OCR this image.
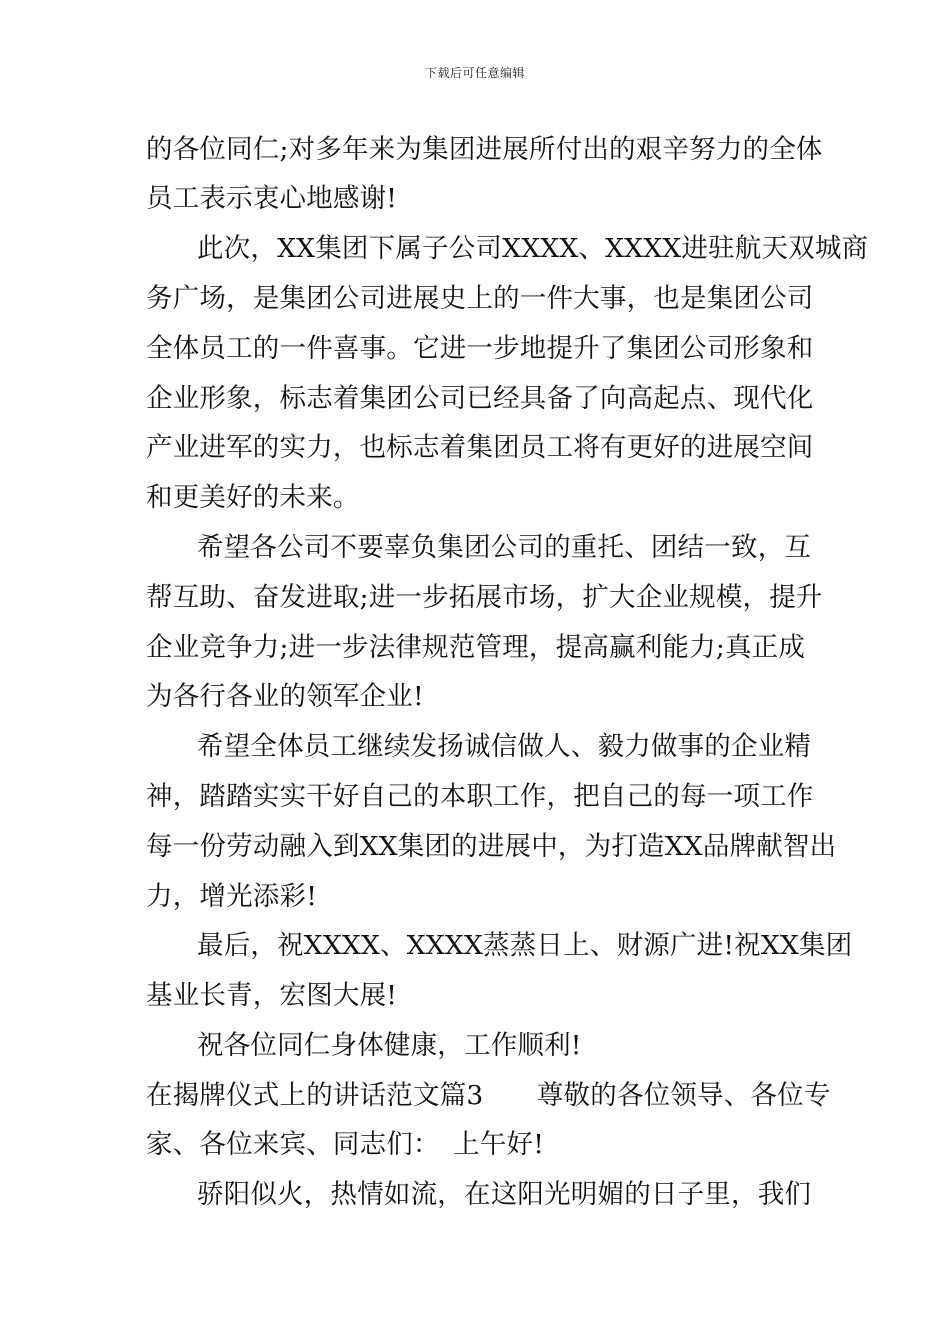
下载后可任意编辑
的各位同仁;对多年来为集团进展所付出的艰辛努力的全体
员工表示衷心地感谢!
此次，XX集团下属子公司XXXX、XXXX进驻航天双城商
务广场，是集团公司进展史上的一件大事，也是集团公司
全体员工的一件喜事。它进一步地提升了集团公司形象和
企业形象，标志着集团公司已经具备了向高起点、现代化
产业进军的实力，也标志着集团员工将有更好的进展空间
和更美好的未来。
希望各公司不要辜负集团公司的重托、团结一致，互
帮互助、奋发进取;进一步拓展市场，扩大企业规模，提升
企业竞争力;进一步法律规范管理，提高赢利能力;真正成
为各行各业的领军企业!
希望全体员工继续发扬诚信做人、毅力做事的企业精
神，踏踏实实干好自己的本职工作，把自己的每一项工作
每一份劳动融入到XX集团的进展中，为打造XX品牌献智出
力，增光添彩!
最后，祝XXXX、XXXX蒸蒸日上、财源广进!祝XX集团
基业长青，宏图大展!
祝各位同仁身体健康，工作顺利!
在揭牌仪式上的讲话范文篇3　　尊敬的各位领导、各位专
家、各位来宾、同志们：　上午好!
骄阳似火，热情如流，在这阳光明媚的日子里，我们
